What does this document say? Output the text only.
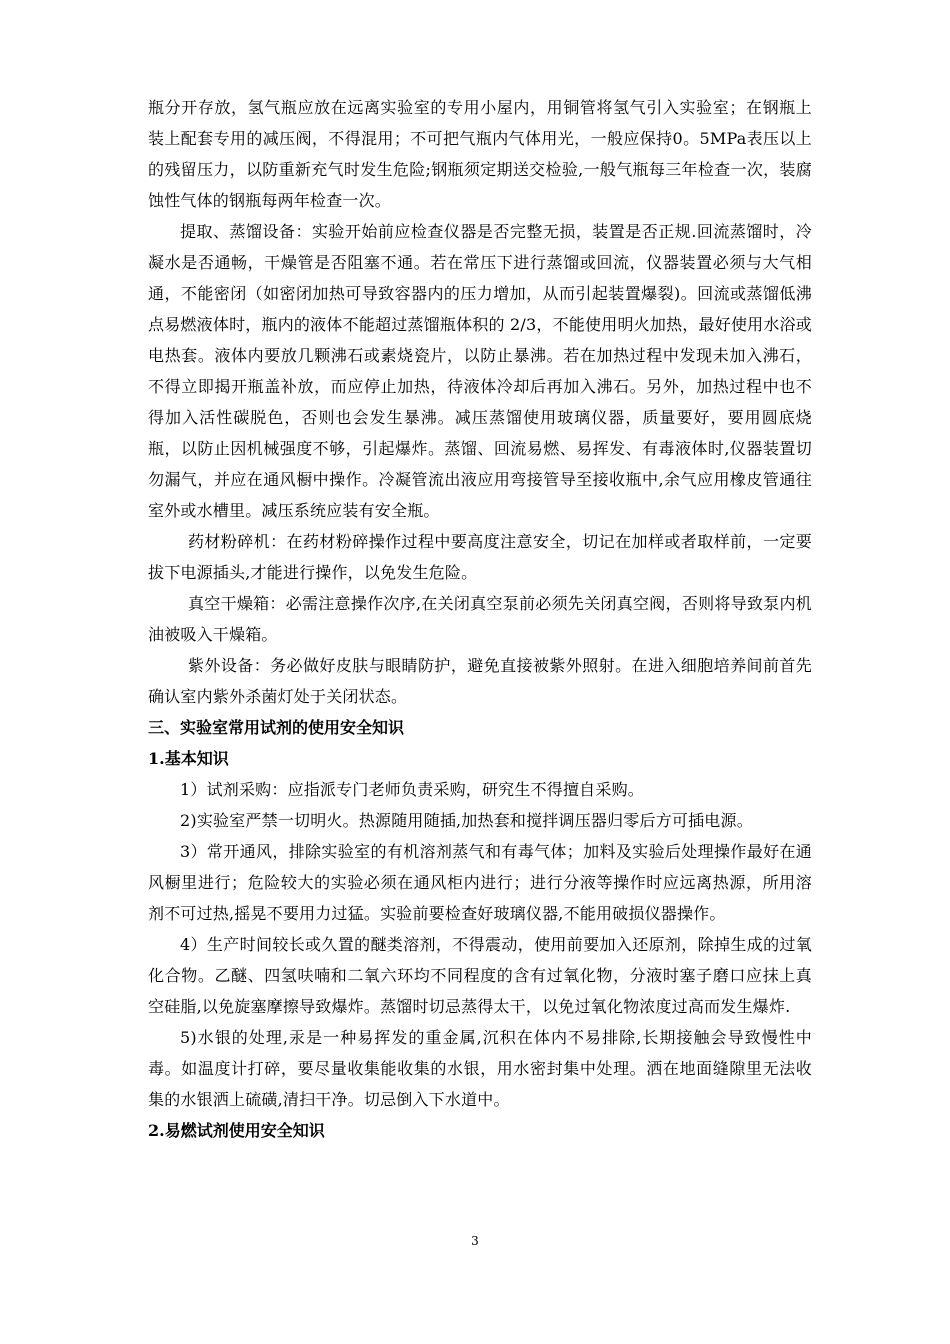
瓶分开存放，氢气瓶应放在远离实验室的专用小屋内，用铜管将氢气引入实验室；在钢瓶上装上配套专用的减压阀，不得混用；不可把气瓶内气体用光，一般应保持0。5MPa表压以上的残留压力，以防重新充气时发生危险;钢瓶须定期送交检验,一般气瓶每三年检查一次，装腐蚀性气体的钢瓶每两年检查一次。

提取、蒸馏设备：实验开始前应检查仪器是否完整无损，装置是否正规.回流蒸馏时，冷凝水是否通畅，干燥管是否阻塞不通。若在常压下进行蒸馏或回流，仪器装置必须与大气相通，不能密闭（如密闭加热可导致容器内的压力增加，从而引起装置爆裂)。回流或蒸馏低沸点易燃液体时，瓶内的液体不能超过蒸馏瓶体积的 2/3，不能使用明火加热，最好使用水浴或电热套。液体内要放几颗沸石或素烧瓷片，以防止暴沸。若在加热过程中发现未加入沸石，不得立即揭开瓶盖补放，而应停止加热，待液体冷却后再加入沸石。另外，加热过程中也不得加入活性碳脱色，否则也会发生暴沸。减压蒸馏使用玻璃仪器，质量要好，要用圆底烧瓶，以防止因机械强度不够，引起爆炸。蒸馏、回流易燃、易挥发、有毒液体时,仪器装置切勿漏气，并应在通风橱中操作。冷凝管流出液应用弯接管导至接收瓶中,余气应用橡皮管通往室外或水槽里。减压系统应装有安全瓶。

药材粉碎机：在药材粉碎操作过程中要高度注意安全，切记在加样或者取样前，一定要拔下电源插头,才能进行操作，以免发生危险。

真空干燥箱：必需注意操作次序,在关闭真空泵前必须先关闭真空阀，否则将导致泵内机油被吸入干燥箱。

紫外设备：务必做好皮肤与眼睛防护，避免直接被紫外照射。在进入细胞培养间前首先确认室内紫外杀菌灯处于关闭状态。

三、实验室常用试剂的使用安全知识

1.基本知识

1）试剂采购：应指派专门老师负责采购，研究生不得擅自采购。

2)实验室严禁一切明火。热源随用随插,加热套和搅拌调压器归零后方可插电源。

3）常开通风，排除实验室的有机溶剂蒸气和有毒气体；加料及实验后处理操作最好在通风橱里进行；危险较大的实验必须在通风柜内进行；进行分液等操作时应远离热源，所用溶剂不可过热,摇晃不要用力过猛。实验前要检查好玻璃仪器,不能用破损仪器操作。

4）生产时间较长或久置的醚类溶剂，不得震动，使用前要加入还原剂，除掉生成的过氧化合物。乙醚、四氢呋喃和二氧六环均不同程度的含有过氧化物，分液时塞子磨口应抹上真空硅脂,以免旋塞摩擦导致爆炸。蒸馏时切忌蒸得太干，以免过氧化物浓度过高而发生爆炸.

5)水银的处理,汞是一种易挥发的重金属,沉积在体内不易排除,长期接触会导致慢性中毒。如温度计打碎，要尽量收集能收集的水银，用水密封集中处理。洒在地面缝隙里无法收集的水银洒上硫磺,清扫干净。切忌倒入下水道中。

2.易燃试剂使用安全知识

3
